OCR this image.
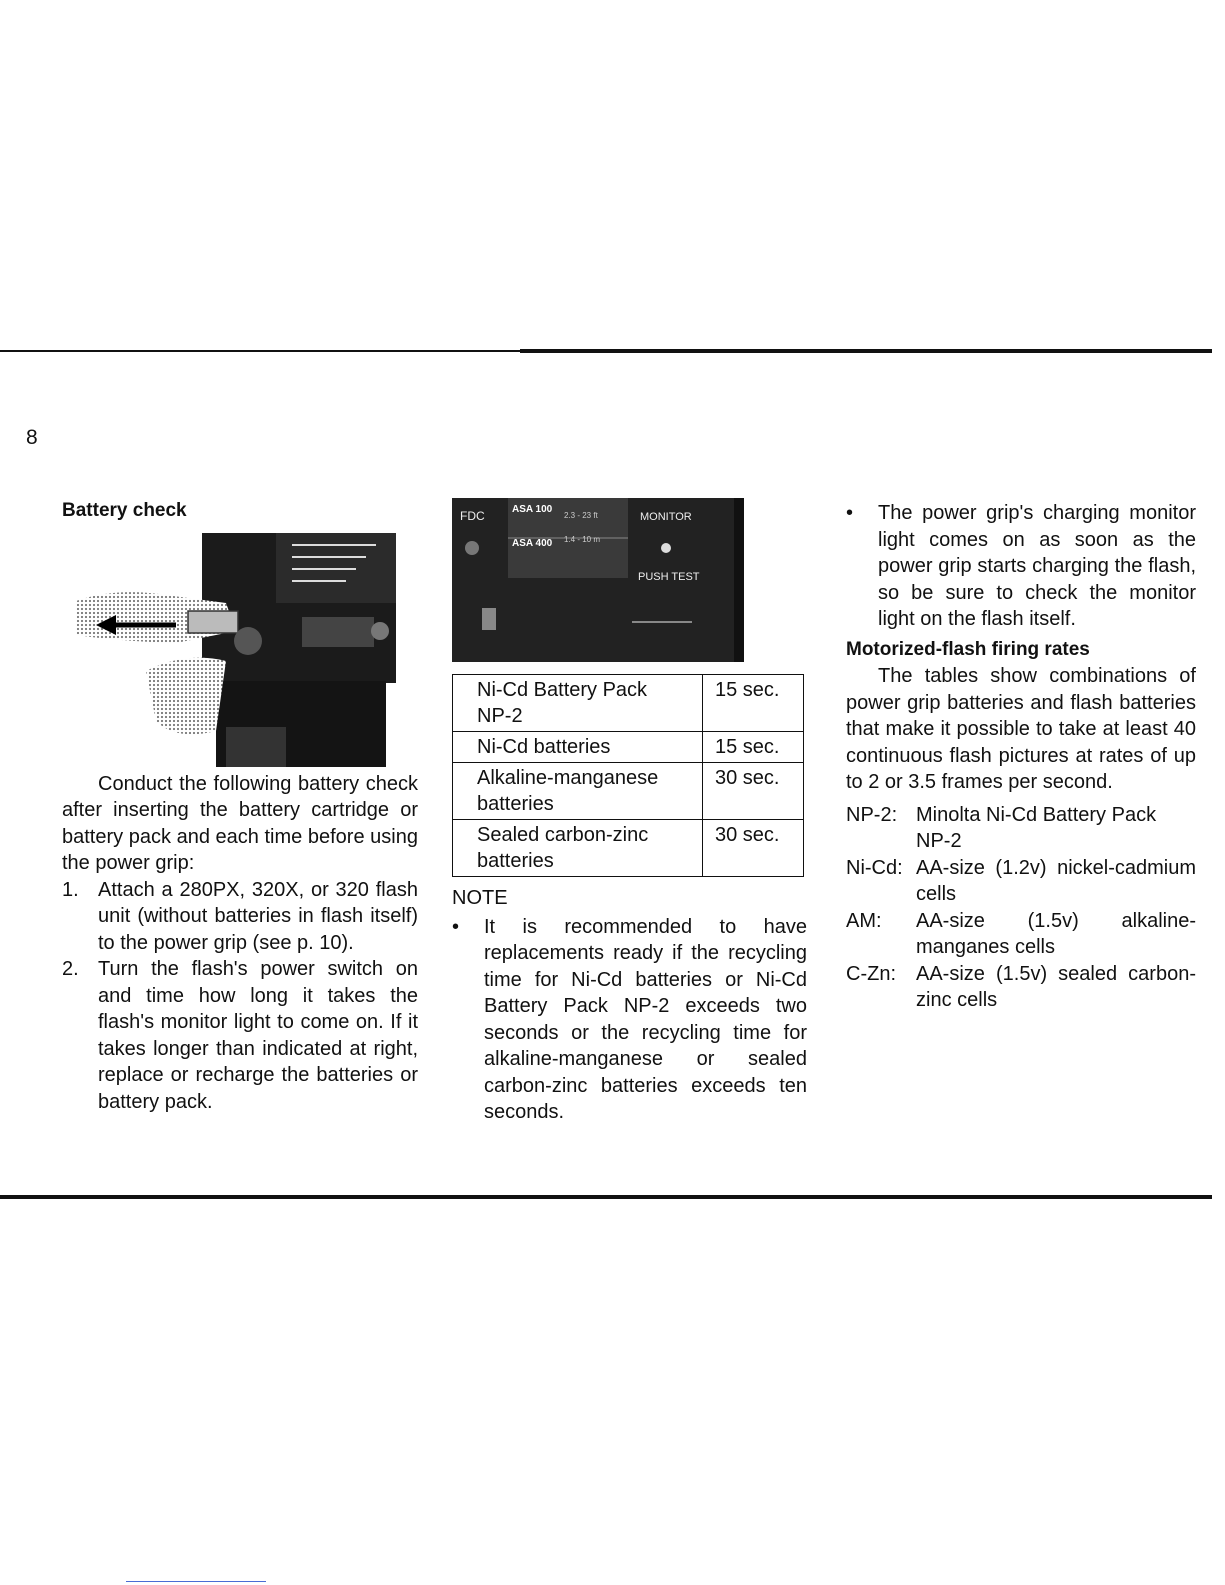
8
Battery check

Conduct the following battery check after inserting the battery cartridge or battery pack and each time before using the power grip:

1. Attach a 280PX, 320X, or 320 flash unit (without batteries in flash itself) to the power grip (see p. 10).
2. Turn the flash's power switch on and time how long it takes the flash's monitor light to come on. If it takes longer than indicated at right, replace or recharge the batteries or battery pack.
FDC	ASA 100
2.3 - 23 ft
ASA 400 1.4 - 10 m
MONITOR
PUSH TEST
Ni-Cd Battery Pack
NP-2	15 sec.
Ni-Cd batteries	15 sec.
Alkaline-manganese
batteries	30 sec.
Sealed carbon-zinc
batteries	30 sec.
NOTE
•	It is recommended to have replacements ready if the recycling time for Ni-Cd batteries or Ni-Cd Battery Pack NP-2 exceeds two seconds or the recycling time for alkaline-manganese or sealed carbon-zinc batteries exceeds ten seconds.
•	The power grip's charging monitor light comes on as soon as the power grip starts charging the flash, so be sure to check the monitor light on the flash itself.
Motorized-flash firing rates

The tables show combinations of power grip batteries and flash batteries that make it possible to take at least 40 continuous flash pictures at rates of up to 2 or 3.5 frames per second.

NP-2: Minolta Ni-Cd Battery Pack NP-2
Ni-Cd: AA-size (1.2v) nickel-cadmium cells
AM:	AA-size (1.5v) alkaline-manganes cells
C-Zn:	AA-size (1.5v) sealed carbon-zinc cells
